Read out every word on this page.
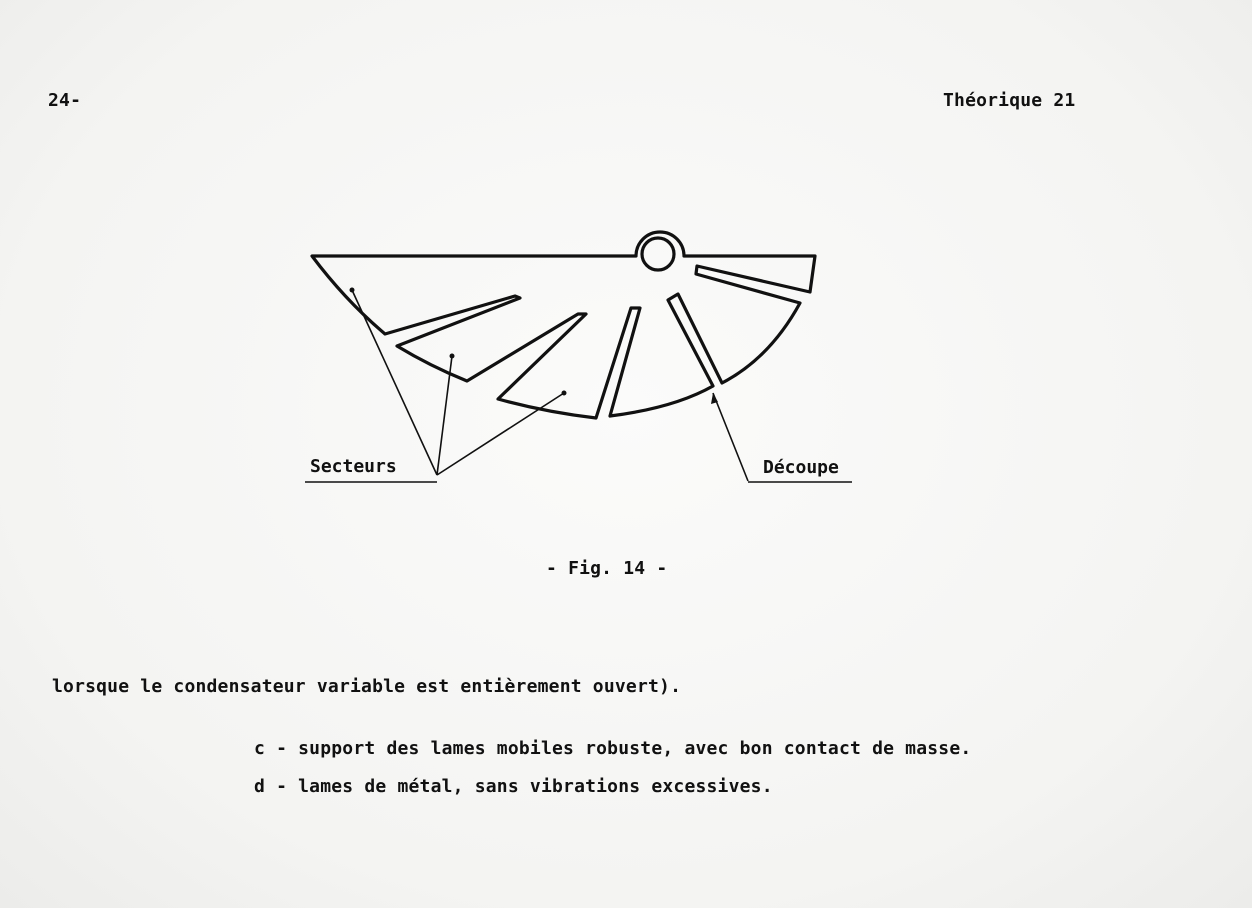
24-	Théorique 21
Secteurs	Découpe
- Fig. 14 -
lorsque le condensateur variable est entièrement ouvert).
c - support des lames mobiles robuste, avec bon contact de masse.
d - lames de métal, sans vibrations excessives.
